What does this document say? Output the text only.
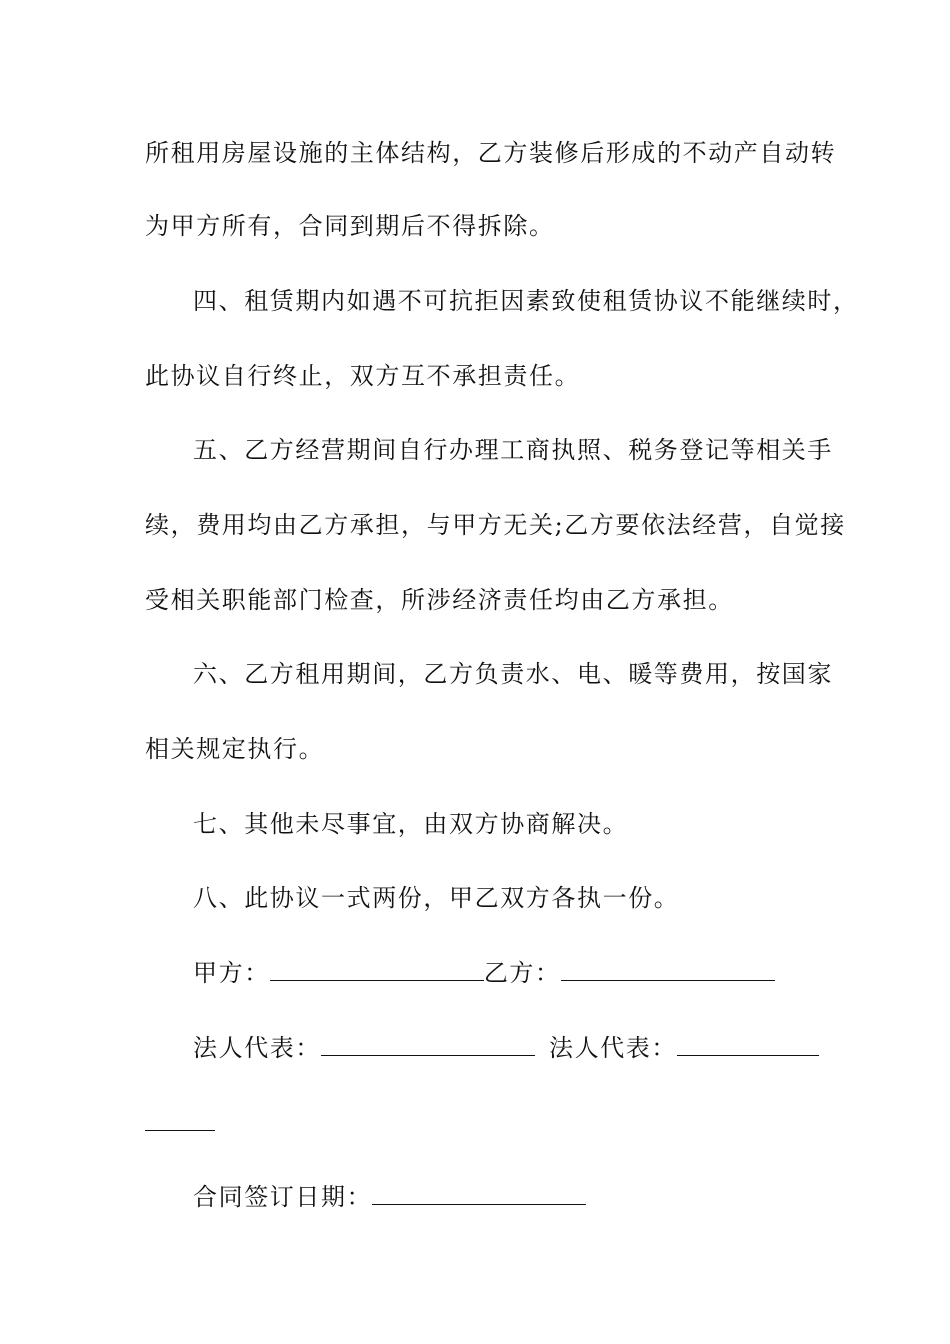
所租用房屋设施的主体结构，乙方装修后形成的不动产自动转
为甲方所有，合同到期后不得拆除。
四、租赁期内如遇不可抗拒因素致使租赁协议不能继续时，
此协议自行终止，双方互不承担责任。
五、乙方经营期间自行办理工商执照、税务登记等相关手
续，费用均由乙方承担，与甲方无关;乙方要依法经营，自觉接
受相关职能部门检查，所涉经济责任均由乙方承担。
六、乙方租用期间，乙方负责水、电、暖等费用，按国家
相关规定执行。
七、其他未尽事宜，由双方协商解决。
八、此协议一式两份，甲乙双方各执一份。
甲方：	乙方：
法人代表：	法人代表：
合同签订日期：
